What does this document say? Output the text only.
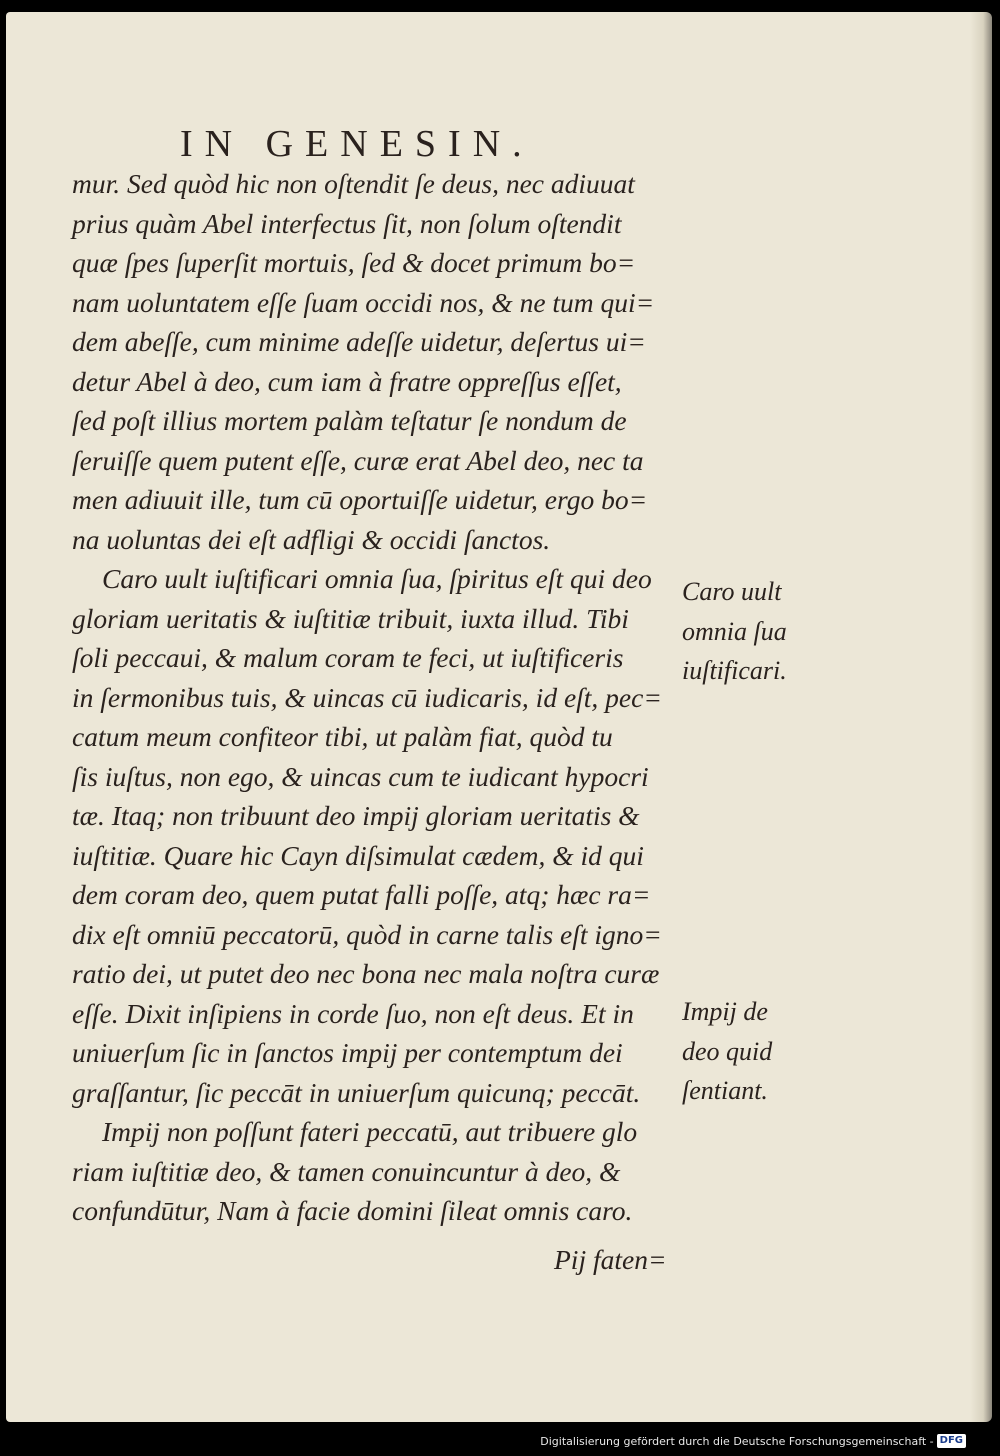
IN GENESIN.
mur. Sed quòd hic non oſtendit ſe deus, nec adiuuat
prius quàm Abel interfectus ſit, non ſolum oſtendit
quæ ſpes ſuperſit mortuis, ſed & docet primum bo=
nam uoluntatem eſſe ſuam occidi nos, & ne tum qui=
dem abeſſe, cum minime adeſſe uidetur, deſertus ui=
detur Abel à deo, cum iam à fratre oppreſſus eſſet,
ſed poſt illius mortem palàm teſtatur ſe nondum de
ſeruiſſe quem putent eſſe, curæ erat Abel deo, nec ta
men adiuuit ille, tum cū oportuiſſe uidetur, ergo bo=
na uoluntas dei eſt adfligi & occidi ſanctos.
Caro uult iuſtificari omnia ſua, ſpiritus eſt qui deo
gloriam ueritatis & iuſtitiæ tribuit, iuxta illud. Tibi
ſoli peccaui, & malum coram te feci, ut iuſtificeris
in ſermonibus tuis, & uincas cū iudicaris, id eſt, pec=
catum meum confiteor tibi, ut palàm fiat, quòd tu
ſis iuſtus, non ego, & uincas cum te iudicant hypocri
tæ. Itaq; non tribuunt deo impij gloriam ueritatis &
iuſtitiæ. Quare hic Cayn diſsimulat cædem, & id qui
dem coram deo, quem putat falli poſſe, atq; hæc ra=
dix eſt omniū peccatorū, quòd in carne talis eſt igno=
ratio dei, ut putet deo nec bona nec mala noſtra curæ
eſſe. Dixit inſipiens in corde ſuo, non eſt deus. Et in
uniuerſum ſic in ſanctos impij per contemptum dei
graſſantur, ſic peccāt in uniuerſum quicunq; peccāt.
Impij non poſſunt fateri peccatū, aut tribuere glo
riam iuſtitiæ deo, & tamen conuincuntur à deo, &
confundūtur, Nam à facie domini ſileat omnis caro.
Pij faten=
Caro uult
omnia ſua
iuſtificari.
Impij de
deo quid
ſentiant.
Digitalisierung gefördert durch die Deutsche Forschungsgemeinschaft - DFG
